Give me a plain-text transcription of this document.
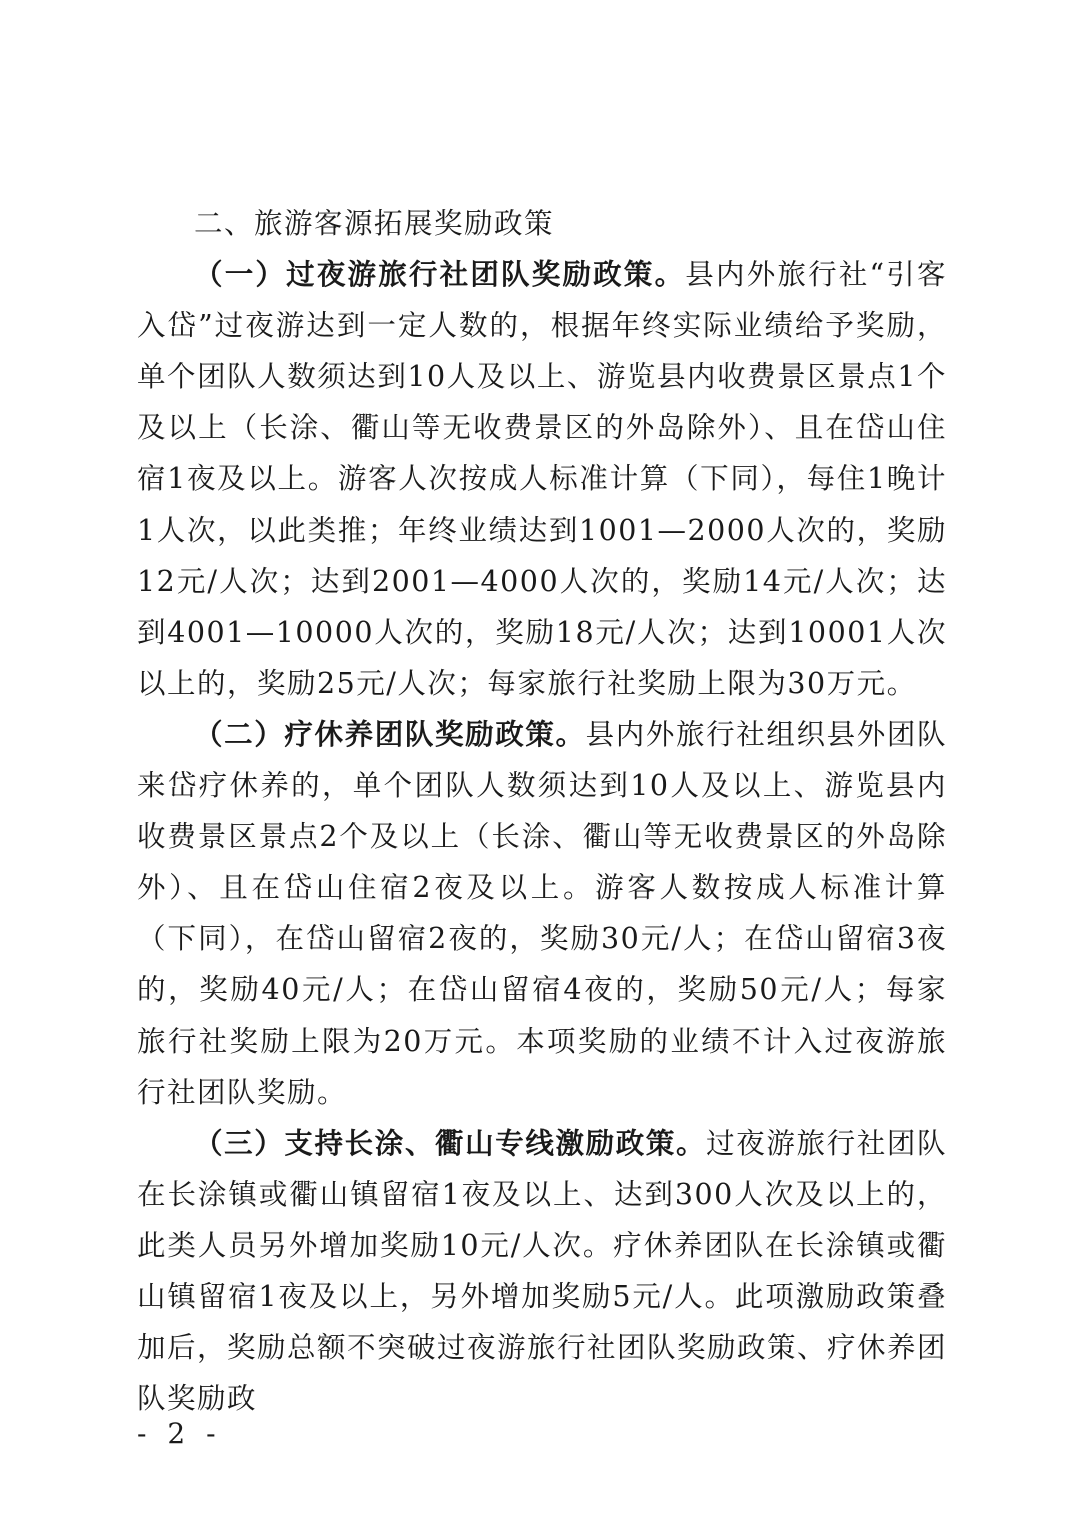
二、旅游客源拓展奖励政策

（一）过夜游旅行社团队奖励政策。县内外旅行社“引客入岱”过夜游达到一定人数的，根据年终实际业绩给予奖励，单个团队人数须达到10人及以上、游览县内收费景区景点1个及以上（长涂、衢山等无收费景区的外岛除外）、且在岱山住宿1夜及以上。游客人次按成人标准计算（下同），每住1晚计1人次，以此类推；年终业绩达到1001—2000人次的，奖励12元/人次；达到2001—4000人次的，奖励14元/人次；达到4001—10000人次的，奖励18元/人次；达到10001人次以上的，奖励25元/人次；每家旅行社奖励上限为30万元。

（二）疗休养团队奖励政策。县内外旅行社组织县外团队来岱疗休养的，单个团队人数须达到10人及以上、游览县内收费景区景点2个及以上（长涂、衢山等无收费景区的外岛除外）、且在岱山住宿2夜及以上。游客人数按成人标准计算（下同），在岱山留宿2夜的，奖励30元/人；在岱山留宿3夜的，奖励40元/人；在岱山留宿4夜的，奖励50元/人；每家旅行社奖励上限为20万元。本项奖励的业绩不计入过夜游旅行社团队奖励。

（三）支持长涂、衢山专线激励政策。过夜游旅行社团队在长涂镇或衢山镇留宿1夜及以上、达到300人次及以上的，此类人员另外增加奖励10元/人次。疗休养团队在长涂镇或衢山镇留宿1夜及以上，另外增加奖励5元/人。此项激励政策叠加后，奖励总额不突破过夜游旅行社团队奖励政策、疗休养团队奖励政

- 2 -
